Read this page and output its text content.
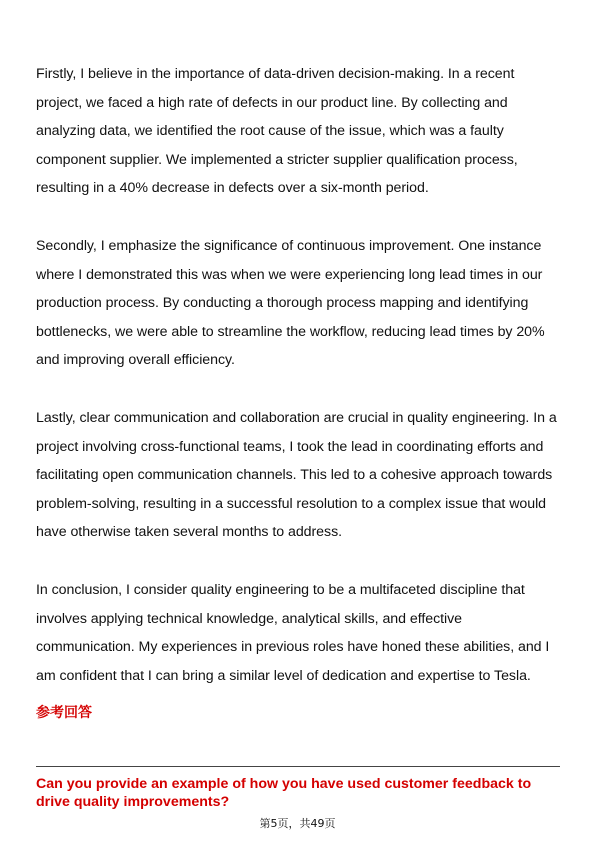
Firstly, I believe in the importance of data-driven decision-making. In a recent project, we faced a high rate of defects in our product line. By collecting and analyzing data, we identified the root cause of the issue, which was a faulty component supplier. We implemented a stricter supplier qualification process, resulting in a 40% decrease in defects over a six-month period.

Secondly, I emphasize the significance of continuous improvement. One instance where I demonstrated this was when we were experiencing long lead times in our production process. By conducting a thorough process mapping and identifying bottlenecks, we were able to streamline the workflow, reducing lead times by 20% and improving overall efficiency.

Lastly, clear communication and collaboration are crucial in quality engineering. In a project involving cross-functional teams, I took the lead in coordinating efforts and facilitating open communication channels. This led to a cohesive approach towards problem-solving, resulting in a successful resolution to a complex issue that would have otherwise taken several months to address.

In conclusion, I consider quality engineering to be a multifaceted discipline that involves applying technical knowledge, analytical skills, and effective communication. My experiences in previous roles have honed these abilities, and I am confident that I can bring a similar level of dedication and expertise to Tesla.

参考回答

Can you provide an example of how you have used customer feedback to drive quality improvements?

第5页，共49页
